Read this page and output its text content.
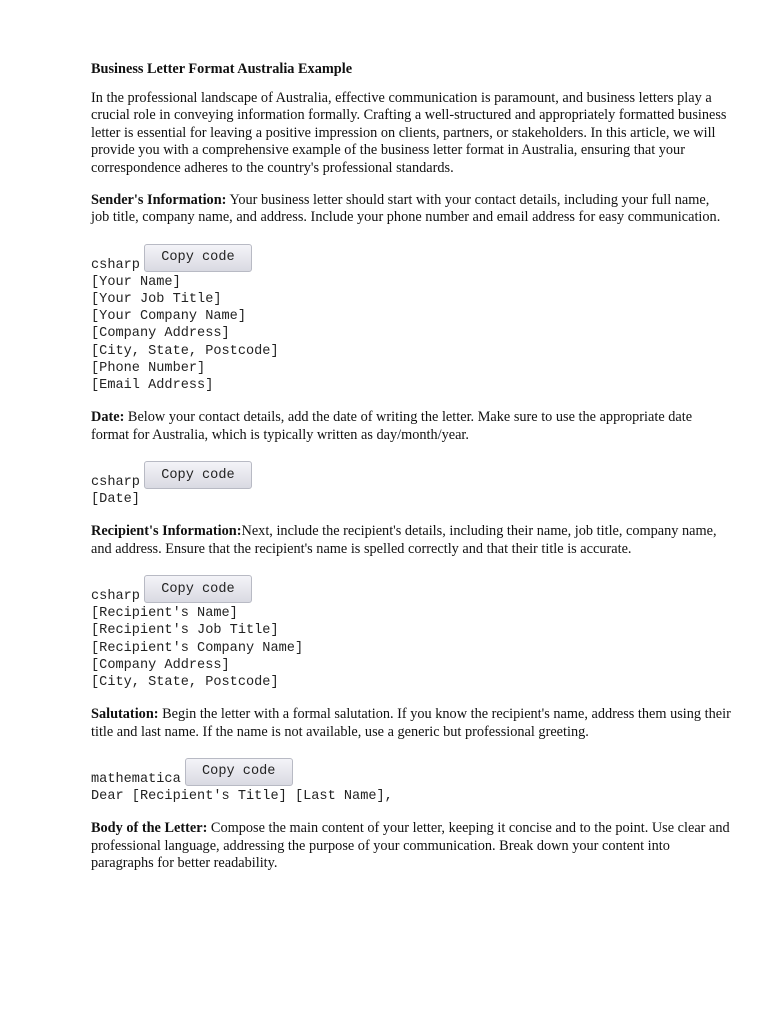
Business Letter Format Australia Example

In the professional landscape of Australia, effective communication is paramount, and business letters play a crucial role in conveying information formally. Crafting a well-structured and appropriately formatted business letter is essential for leaving a positive impression on clients, partners, or stakeholders. In this article, we will provide you with a comprehensive example of the business letter format in Australia, ensuring that your correspondence adheres to the country's professional standards.

Sender's Information: Your business letter should start with your contact details, including your full name, job title, company name, and address. Include your phone number and email address for easy communication.

csharp	Copy code
[Your Name]
[Your Job Title]
[Your Company Name]
[Company Address]
[City, State, Postcode]
[Phone Number]
[Email Address]

Date: Below your contact details, add the date of writing the letter. Make sure to use the appropriate date format for Australia, which is typically written as day/month/year.

csharp	Copy code
[Date]

Recipient's Information:Next, include the recipient's details, including their name, job title, company name, and address. Ensure that the recipient's name is spelled correctly and that their title is accurate.

csharp	Copy code
[Recipient's Name]
[Recipient's Job Title]
[Recipient's Company Name]
[Company Address]
[City, State, Postcode]

Salutation: Begin the letter with a formal salutation. If you know the recipient's name, address them using their title and last name. If the name is not available, use a generic but professional greeting.

mathematica	Copy code
Dear [Recipient's Title] [Last Name],

Body of the Letter: Compose the main content of your letter, keeping it concise and to the point. Use clear and professional language, addressing the purpose of your communication. Break down your content into paragraphs for better readability.
